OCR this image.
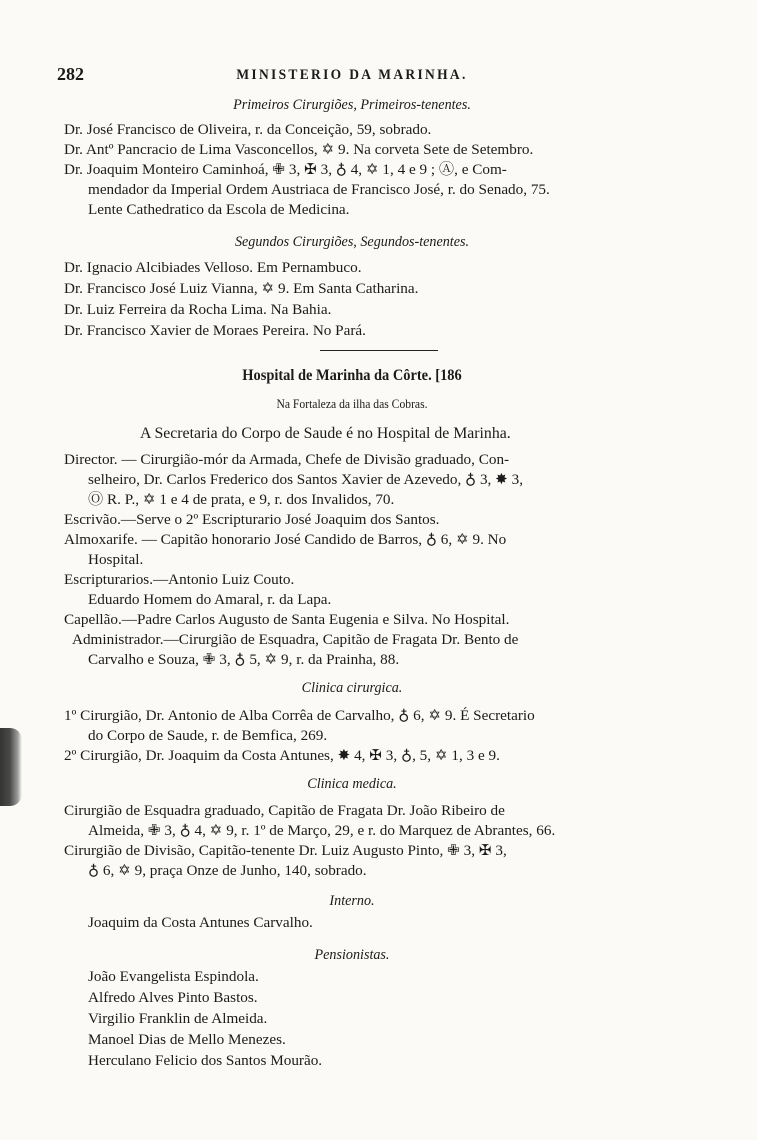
282	MINISTERIO DA MARINHA.
Primeiros Cirurgiões, Primeiros-tenentes.
Dr. José Francisco de Oliveira, r. da Conceição, 59, sobrado.
Dr. Antº Pancracio de Lima Vasconcellos, ✡ 9. Na corveta Sete de Setembro.
Dr. Joaquim Monteiro Caminhoá, ✙ 3, ✠ 3, ♁ 4, ✡ 1, 4 e 9 ; Ⓐ, e Com-
mendador da Imperial Ordem Austriaca de Francisco José, r. do Senado, 75.
Lente Cathedratico da Escola de Medicina.
Segundos Cirurgiões, Segundos-tenentes.
Dr. Ignacio Alcibiades Velloso. Em Pernambuco.
Dr. Francisco José Luiz Vianna, ✡ 9. Em Santa Catharina.
Dr. Luiz Ferreira da Rocha Lima. Na Bahia.
Dr. Francisco Xavier de Moraes Pereira. No Pará.
Hospital de Marinha da Côrte. [186
Na Fortaleza da ilha das Cobras.
A Secretaria do Corpo de Saude é no Hospital de Marinha.
Director. — Cirurgião-mór da Armada, Chefe de Divisão graduado, Con-
selheiro, Dr. Carlos Frederico dos Santos Xavier de Azevedo, ♁ 3, ✸ 3,
Ⓞ R. P., ✡ 1 e 4 de prata, e 9, r. dos Invalidos, 70.
Escrivão.—Serve o 2º Escripturario José Joaquim dos Santos.
Almoxarife. — Capitão honorario José Candido de Barros, ♁ 6, ✡ 9. No
Hospital.
Escripturarios.—Antonio Luiz Couto.
Eduardo Homem do Amaral, r. da Lapa.
Capellão.—Padre Carlos Augusto de Santa Eugenia e Silva. No Hospital.
Administrador.—Cirurgião de Esquadra, Capitão de Fragata Dr. Bento de
Carvalho e Souza, ✙ 3, ♁ 5, ✡ 9, r. da Prainha, 88.
Clinica cirurgica.
1º Cirurgião, Dr. Antonio de Alba Corrêa de Carvalho, ♁ 6, ✡ 9. É Secretario
do Corpo de Saude, r. de Bemfica, 269.
2º Cirurgião, Dr. Joaquim da Costa Antunes, ✸ 4, ✠ 3, ♁, 5, ✡ 1, 3 e 9.
Clinica medica.
Cirurgião de Esquadra graduado, Capitão de Fragata Dr. João Ribeiro de
Almeida, ✙ 3, ♁ 4, ✡ 9, r. 1º de Março, 29, e r. do Marquez de Abrantes, 66.
Cirurgião de Divisão, Capitão-tenente Dr. Luiz Augusto Pinto, ✙ 3, ✠ 3,
♁ 6, ✡ 9, praça Onze de Junho, 140, sobrado.
Interno.
Joaquim da Costa Antunes Carvalho.
Pensionistas.
João Evangelista Espindola.
Alfredo Alves Pinto Bastos.
Virgilio Franklin de Almeida.
Manoel Dias de Mello Menezes.
Herculano Felicio dos Santos Mourão.
